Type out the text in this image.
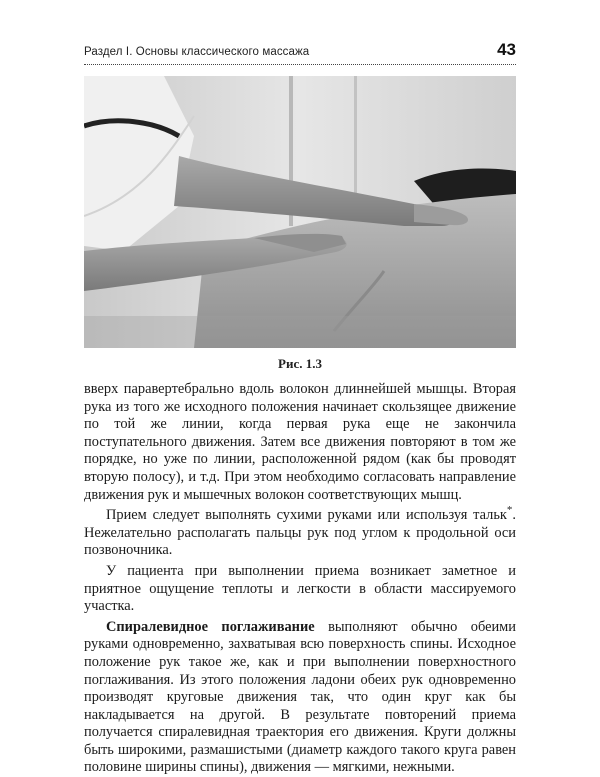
Раздел I. Основы классического массажа	43
Рис. 1.3

вверх паравертебрально вдоль волокон длиннейшей мышцы. Вторая рука из того же исходного положения начинает скользящее движение по той же линии, когда первая рука еще не закончила поступательного движения. Затем все движения повторяют в том же порядке, но уже по линии, расположенной рядом (как бы проводят вторую полосу), и т.д. При этом необходимо согласовать направление движения рук и мышечных волокон соответствующих мышц.

Прием следует выполнять сухими руками или используя тальк*. Нежелательно располагать пальцы рук под углом к продольной оси позвоночника.

У пациента при выполнении приема возникает заметное и приятное ощущение теплоты и легкости в области массируемого участка.

Спиралевидное поглаживание выполняют обычно обеими руками одновременно, захватывая всю поверхность спины. Исходное положение рук такое же, как и при выполнении поверхностного поглаживания. Из этого положения ладони обеих рук одновременно производят круговые движения так, что один круг как бы накладывается на другой. В результате повторений приема получается спиралевидная траектория его движения. Круги должны быть широкими, размашистыми (диаметр каждого такого круга равен половине ширины спины), движения — мягкими, нежными.
